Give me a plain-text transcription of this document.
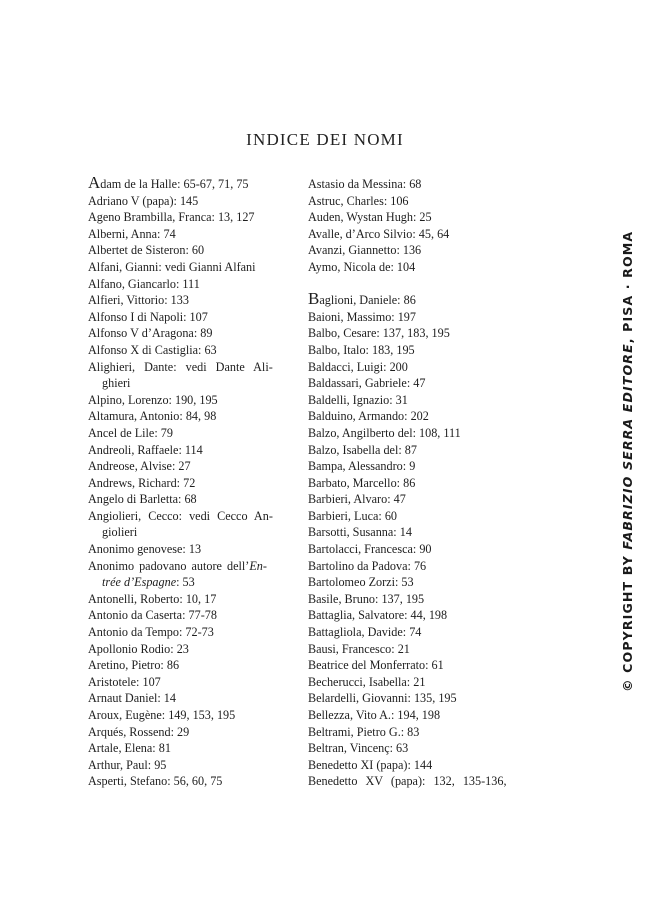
INDICE DEI NOMI
Adam de la Halle: 65-67, 71, 75
Adriano V (papa): 145
Ageno Brambilla, Franca: 13, 127
Alberni, Anna: 74
Albertet de Sisteron: 60
Alfani, Gianni: vedi Gianni Alfani
Alfano, Giancarlo: 111
Alfieri, Vittorio: 133
Alfonso I di Napoli: 107
Alfonso V d’Aragona: 89
Alfonso X di Castiglia: 63
Alighieri, Dante: vedi Dante Ali-
ghieri
Alpino, Lorenzo: 190, 195
Altamura, Antonio: 84, 98
Ancel de Lile: 79
Andreoli, Raffaele: 114
Andreose, Alvise: 27
Andrews, Richard: 72
Angelo di Barletta: 68
Angiolieri, Cecco: vedi Cecco An-
giolieri
Anonimo genovese: 13
Anonimo padovano autore dell’En-
trée d’Espagne: 53
Antonelli, Roberto: 10, 17
Antonio da Caserta: 77-78
Antonio da Tempo: 72-73
Apollonio Rodio: 23
Aretino, Pietro: 86
Aristotele: 107
Arnaut Daniel: 14
Aroux, Eugène: 149, 153, 195
Arqués, Rossend: 29
Artale, Elena: 81
Arthur, Paul: 95
Asperti, Stefano: 56, 60, 75
Astasio da Messina: 68
Astruc, Charles: 106
Auden, Wystan Hugh: 25
Avalle, d’Arco Silvio: 45, 64
Avanzi, Giannetto: 136
Aymo, Nicola de: 104
Baglioni, Daniele: 86
Baioni, Massimo: 197
Balbo, Cesare: 137, 183, 195
Balbo, Italo: 183, 195
Baldacci, Luigi: 200
Baldassari, Gabriele: 47
Baldelli, Ignazio: 31
Balduino, Armando: 202
Balzo, Angilberto del: 108, 111
Balzo, Isabella del: 87
Bampa, Alessandro: 9
Barbato, Marcello: 86
Barbieri, Alvaro: 47
Barbieri, Luca: 60
Barsotti, Susanna: 14
Bartolacci, Francesca: 90
Bartolino da Padova: 76
Bartolomeo Zorzi: 53
Basile, Bruno: 137, 195
Battaglia, Salvatore: 44, 198
Battagliola, Davide: 74
Bausi, Francesco: 21
Beatrice del Monferrato: 61
Becherucci, Isabella: 21
Belardelli, Giovanni: 135, 195
Bellezza, Vito A.: 194, 198
Beltrami, Pietro G.: 83
Beltran, Vincenç: 63
Benedetto XI (papa): 144
Benedetto XV (papa): 132, 135-136,
© COPYRIGHT BY FABRIZIO SERRA EDITORE, PISA · ROMA
